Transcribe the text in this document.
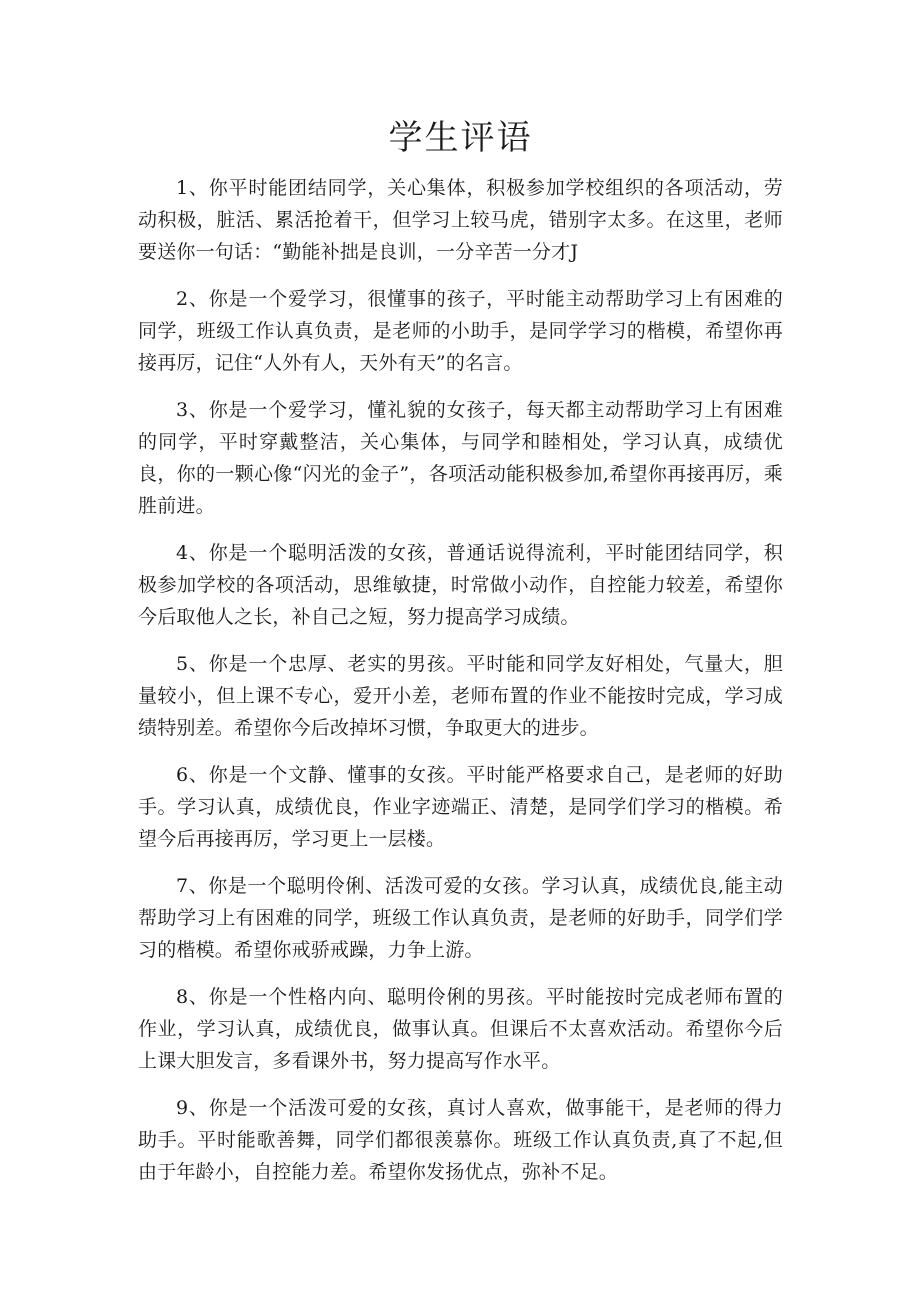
学生评语

1、你平时能团结同学，关心集体，积极参加学校组织的各项活动，劳动积极，脏活、累活抢着干，但学习上较马虎，错别字太多。在这里，老师要送你一句话：“勤能补拙是良训，一分辛苦一分才J

2、你是一个爱学习，很懂事的孩子，平时能主动帮助学习上有困难的同学，班级工作认真负责，是老师的小助手，是同学学习的楷模，希望你再接再厉，记住“人外有人，天外有天”的名言。

3、你是一个爱学习，懂礼貌的女孩子，每天都主动帮助学习上有困难的同学，平时穿戴整洁，关心集体，与同学和睦相处，学习认真，成绩优良，你的一颗心像“闪光的金子”，各项活动能积极参加,希望你再接再厉，乘胜前进。

4、你是一个聪明活泼的女孩，普通话说得流利，平时能团结同学，积极参加学校的各项活动，思维敏捷，时常做小动作，自控能力较差，希望你今后取他人之长，补自己之短，努力提高学习成绩。

5、你是一个忠厚、老实的男孩。平时能和同学友好相处，气量大，胆量较小，但上课不专心，爱开小差，老师布置的作业不能按时完成，学习成绩特别差。希望你今后改掉坏习惯，争取更大的进步。

6、你是一个文静、懂事的女孩。平时能严格要求自己，是老师的好助手。学习认真，成绩优良，作业字迹端正、清楚，是同学们学习的楷模。希望今后再接再厉，学习更上一层楼。

7、你是一个聪明伶俐、活泼可爱的女孩。学习认真，成绩优良,能主动帮助学习上有困难的同学，班级工作认真负责，是老师的好助手，同学们学习的楷模。希望你戒骄戒躁，力争上游。

8、你是一个性格内向、聪明伶俐的男孩。平时能按时完成老师布置的作业，学习认真，成绩优良，做事认真。但课后不太喜欢活动。希望你今后上课大胆发言，多看课外书，努力提高写作水平。

9、你是一个活泼可爱的女孩，真讨人喜欢，做事能干，是老师的得力助手。平时能歌善舞，同学们都很羡慕你。班级工作认真负责,真了不起,但由于年龄小，自控能力差。希望你发扬优点，弥补不足。
